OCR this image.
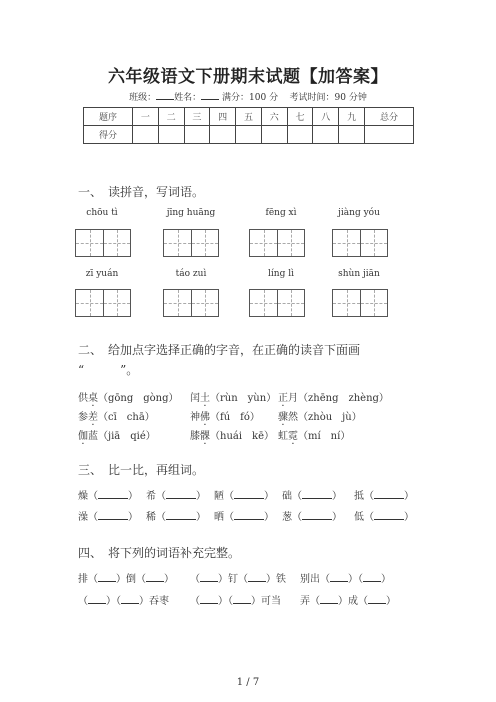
六年级语文下册期末试题【加答案】
班级： 姓名： 满分：100 分 考试时间：90 分钟
题序	一	二	三	四	五	六	七	八	九	总分
得分										
一、　读拼音，写词语。
chōu tì	jīng huāng	fēng xì	jiàng yóu
zī yuán	táo zuì	líng lì	shùn jiān
二、　给加点字选择正确的字音，在正确的读音下面画
“　　　”。
供桌（gōng　gòng） 闰土（rùn　yùn） 正月（zhēng　zhèng）
参差（cī　chā）	神佛（fú　fó） 骤然（zhòu　jù）
伽蓝（jiā　qié）	膝髁（huái　kē） 虹霓（mí　ní）
三、　比一比，再组词。
燥（	） 希（	） 陋（	） 础（	） 抵（	）
澡（	） 稀（	） 晒（	） 葱（	） 低（	）
四、　将下列的词语补充完整。
排（ ）倒（ ） （ ）钉（ ）铁 别出（ ）（ ）
（ ）（ ）吞枣 （ ）（ ）可当 弄（ ）成（ ）
1 / 7
